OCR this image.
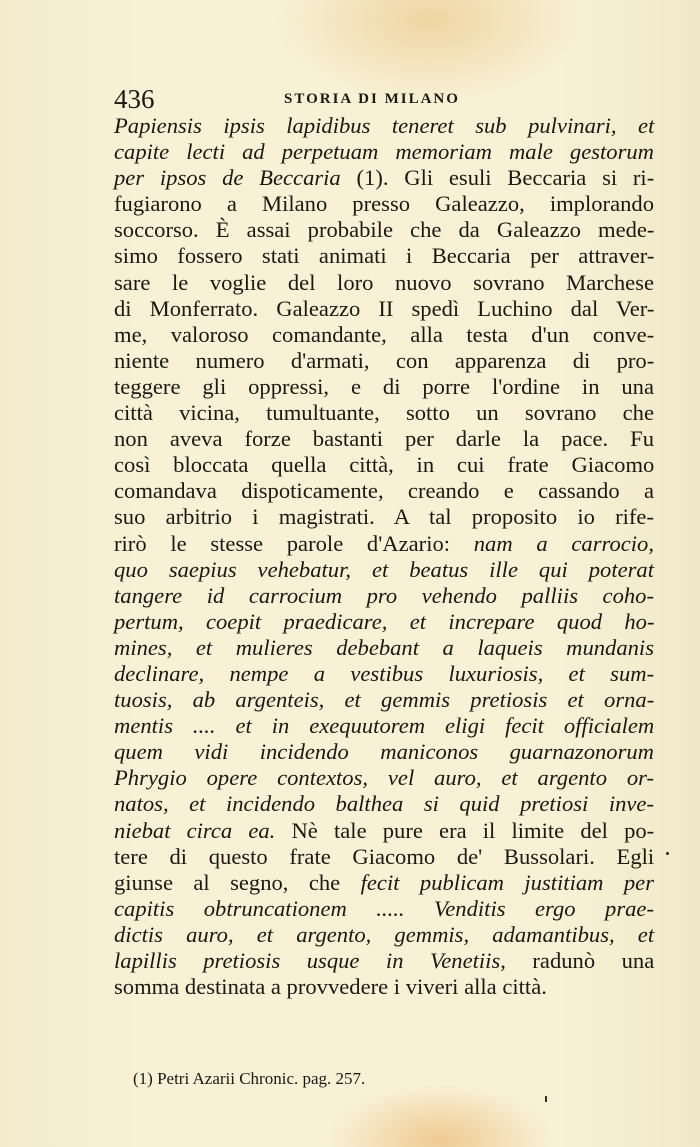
436	STORIA DI MILANO
Papiensis ipsis lapidibus teneret sub pulvinari, et
capite lecti ad perpetuam memoriam male gestorum
per ipsos de Beccaria (1). Gli esuli Beccaria si ri-
fugiarono a Milano presso Galeazzo, implorando
soccorso. È assai probabile che da Galeazzo mede-
simo fossero stati animati i Beccaria per attraver-
sare le voglie del loro nuovo sovrano Marchese
di Monferrato. Galeazzo II spedì Luchino dal Ver-
me, valoroso comandante, alla testa d'un conve-
niente numero d'armati, con apparenza di pro-
teggere gli oppressi, e di porre l'ordine in una
città vicina, tumultuante, sotto un sovrano che
non aveva forze bastanti per darle la pace. Fu
così bloccata quella città, in cui frate Giacomo
comandava dispoticamente, creando e cassando a
suo arbitrio i magistrati. A tal proposito io rife-
rirò le stesse parole d'Azario: nam a carrocio,
quo saepius vehebatur, et beatus ille qui poterat
tangere id carrocium pro vehendo palliis coho-
pertum, coepit praedicare, et increpare quod ho-
mines, et mulieres debebant a laqueis mundanis
declinare, nempe a vestibus luxuriosis, et sum-
tuosis, ab argenteis, et gemmis pretiosis et orna-
mentis .... et in exequutorem eligi fecit officialem
quem vidi incidendo maniconos guarnazonorum
Phrygio opere contextos, vel auro, et argento or-
natos, et incidendo balthea si quid pretiosi inve-
niebat circa ea. Nè tale pure era il limite del po-
tere di questo frate Giacomo de' Bussolari. Egli
giunse al segno, che fecit publicam justitiam per
capitis obtruncationem ..... Venditis ergo prae-
dictis auro, et argento, gemmis, adamantibus, et
lapillis pretiosis usque in Venetiis, radunò una
somma destinata a provvedere i viveri alla città.
(1) Petri Azarii Chronic. pag. 257.
